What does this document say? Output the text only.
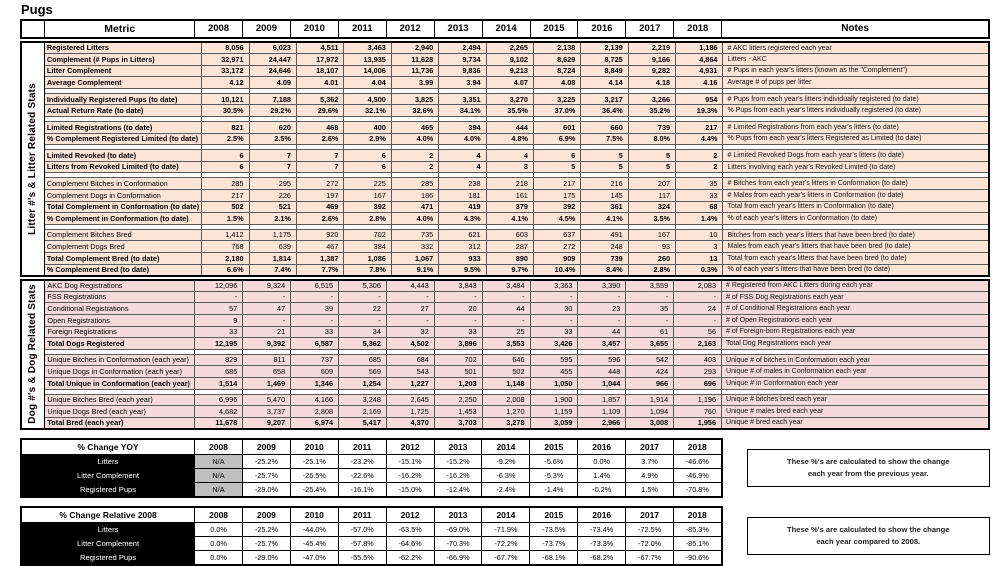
Pugs
	Metric	2008	2009	2010	2011	2012	2013	2014	2015	2016	2017	2018	Notes
Litter #'s & Litter Related Stats	Registered Litters	8,056	6,023	4,511	3,463	2,940	2,494	2,265	2,138	2,139	2,219	1,186	# AKC litters registered each year
	Complement (# Pups in Litters)	32,971	24,447	17,972	13,935	11,628	9,734	9,102	8,629	8,725	9,166	4,864	Litters - AKC
	Litter Complement	33,172	24,646	18,107	14,006	11,736	9,836	9,213	8,724	8,849	9,282	4,931	# Pups in each year's litters (known as the "Complement")
	Average Complement	4.12	4.09	4.01	4.04	3.99	3.94	4.07	4.08	4.14	4.18	4.16	Average # of pups per litter

	Individually Registered Pups (to date)	10,121	7,188	5,362	4,500	3,825	3,351	3,270	3,225	3,217	3,266	954	# Pups from each year's litters individually registered (to date)
	Actual Return Rate (to date)	30.5%	29.2%	29.6%	32.1%	32.6%	34.1%	35.5%	37.0%	36.4%	35.2%	19.3%	% Pups from each year's litters individually registered (to date)

	Limited Registrations (to date)	821	620	468	400	465	394	444	601	660	739	217	# Limited Registrations from each year's litters (to date)
	% Complement Registered Limited (to date)	2.5%	2.5%	2.6%	2.9%	4.0%	4.0%	4.8%	6.9%	7.5%	8.0%	4.4%	% Pups from each year's litters Registered as Limited (to date)

	Limited Revoked (to date)	6	7	7	6	2	4	4	6	5	5	2	# Limited Revoked Dogs from each year's litters (to date)
	Litters from Revoked Limited (to date)	6	7	7	6	2	4	3	5	5	5	2	Litters involving each year's Revoked Limited (to date)

	Complement Bitches in Conformation	285	295	272	225	285	238	218	217	216	207	35	# Bitches from each year's litters in Conformation (to date)
	Complement Dogs in Conformation	217	226	197	167	186	181	161	175	145	117	33	# Males from each year's litters in Conformation (to date)
	Total Complement in Conformation (to date)	502	521	469	392	471	419	379	392	361	324	68	Total from each year's litters in Conformation (to date)
	% Complement in Conformation (to date)	1.5%	2.1%	2.6%	2.8%	4.0%	4.3%	4.1%	4.5%	4.1%	3.5%	1.4%	% of each year's litters in Conformation (to date)

	Complement Bitches Bred	1,412	1,175	920	702	735	621	603	637	491	167	10	Bitches from each year's litters that have been bred (to date)
	Complement Dogs Bred	768	639	467	384	332	312	287	272	248	93	3	Males from each year's litters that have been bred (to date)
	Total Complement Bred (to date)	2,180	1,814	1,387	1,086	1,067	933	890	909	739	260	13	Total from each year's litters that have been bred (to date)
	% Complement Bred (to date)	6.6%	7.4%	7.7%	7.8%	9.1%	9.5%	9.7%	10.4%	8.4%	2.8%	0.3%	% of each year's litters that have been bred (to date)
Dog #'s & Dog Related Stats	AKC Dog Registrations	12,096	9,324	6,515	5,306	4,443	3,843	3,484	3,363	3,390	3,559	2,083	# Registered from AKC Litters during each year
	FSS Registrations	-	-	-	-	-	-	-	-	-	-	-	# of FSS Dog Registrations each year
	Conditional Registrations	57	47	39	22	27	20	44	30	23	35	24	# of Conditional Registrations each year
	Open Registrations	9	-	-	-	-	-	-	-	-	-	-	# of Open Registrations each year
	Foreign Registrations	33	21	33	34	32	33	25	33	44	61	56	# of Foreign-born Registrations each year
	Total Dogs Registered	12,195	9,392	6,587	5,362	4,502	3,896	3,553	3,426	3,457	3,655	2,163	Total Dog Registrations each year

	Unique Bitches in Conformation (each year)	829	811	737	685	684	702	646	595	596	542	403	Unique # of bitches in Conformation each year
	Unique Dogs in Conformation (each year)	685	658	609	569	543	501	502	455	448	424	293	Unique # of males in Conformation each year
	Total Unique in Conformation (each year)	1,514	1,469	1,346	1,254	1,227	1,203	1,148	1,050	1,044	966	696	Unique # in Conformation each year

	Unique Bitches Bred (each year)	6,996	5,470	4,166	3,248	2,645	2,250	2,008	1,900	1,857	1,914	1,196	Unique # bitches bred each year
	Unique Dogs Bred (each year)	4,682	3,737	2,808	2,169	1,725	1,453	1,270	1,159	1,109	1,094	760	Unique # males bred each year
	Total Bred (each year)	11,678	9,207	6,974	5,417	4,370	3,703	3,278	3,059	2,966	3,008	1,956	Unique # bred each year
% Change YOY	2008	2009	2010	2011	2012	2013	2014	2015	2016	2017	2018
Litters	N/A	-25.2%	-25.1%	-23.2%	-15.1%	-15.2%	-9.2%	-5.6%	0.0%	3.7%	-46.6%
Litter Complement	N/A	-25.7%	-26.5%	-22.6%	-16.2%	-16.2%	-6.3%	-5.3%	1.4%	4.9%	-46.9%
Registered Pups	N/A	-29.0%	-25.4%	-16.1%	-15.0%	-12.4%	-2.4%	-1.4%	-0.2%	1.5%	-70.8%
These %'s are calculated to show the change
each year from the previous year.
% Change Relative 2008	2008	2009	2010	2011	2012	2013	2014	2015	2016	2017	2018
Litters	0.0%	-25.2%	-44.0%	-57.0%	-63.5%	-69.0%	-71.9%	-73.5%	-73.4%	-72.5%	-85.3%
Litter Complement	0.0%	-25.7%	-45.4%	-57.8%	-64.6%	-70.3%	-72.2%	-73.7%	-73.3%	-72.0%	-85.1%
Registered Pups	0.0%	-29.0%	-47.0%	-55.5%	-62.2%	-66.9%	-67.7%	-68.1%	-68.2%	-67.7%	-90.6%
These %'s are calculated to show the change
each year compared to 2008.
